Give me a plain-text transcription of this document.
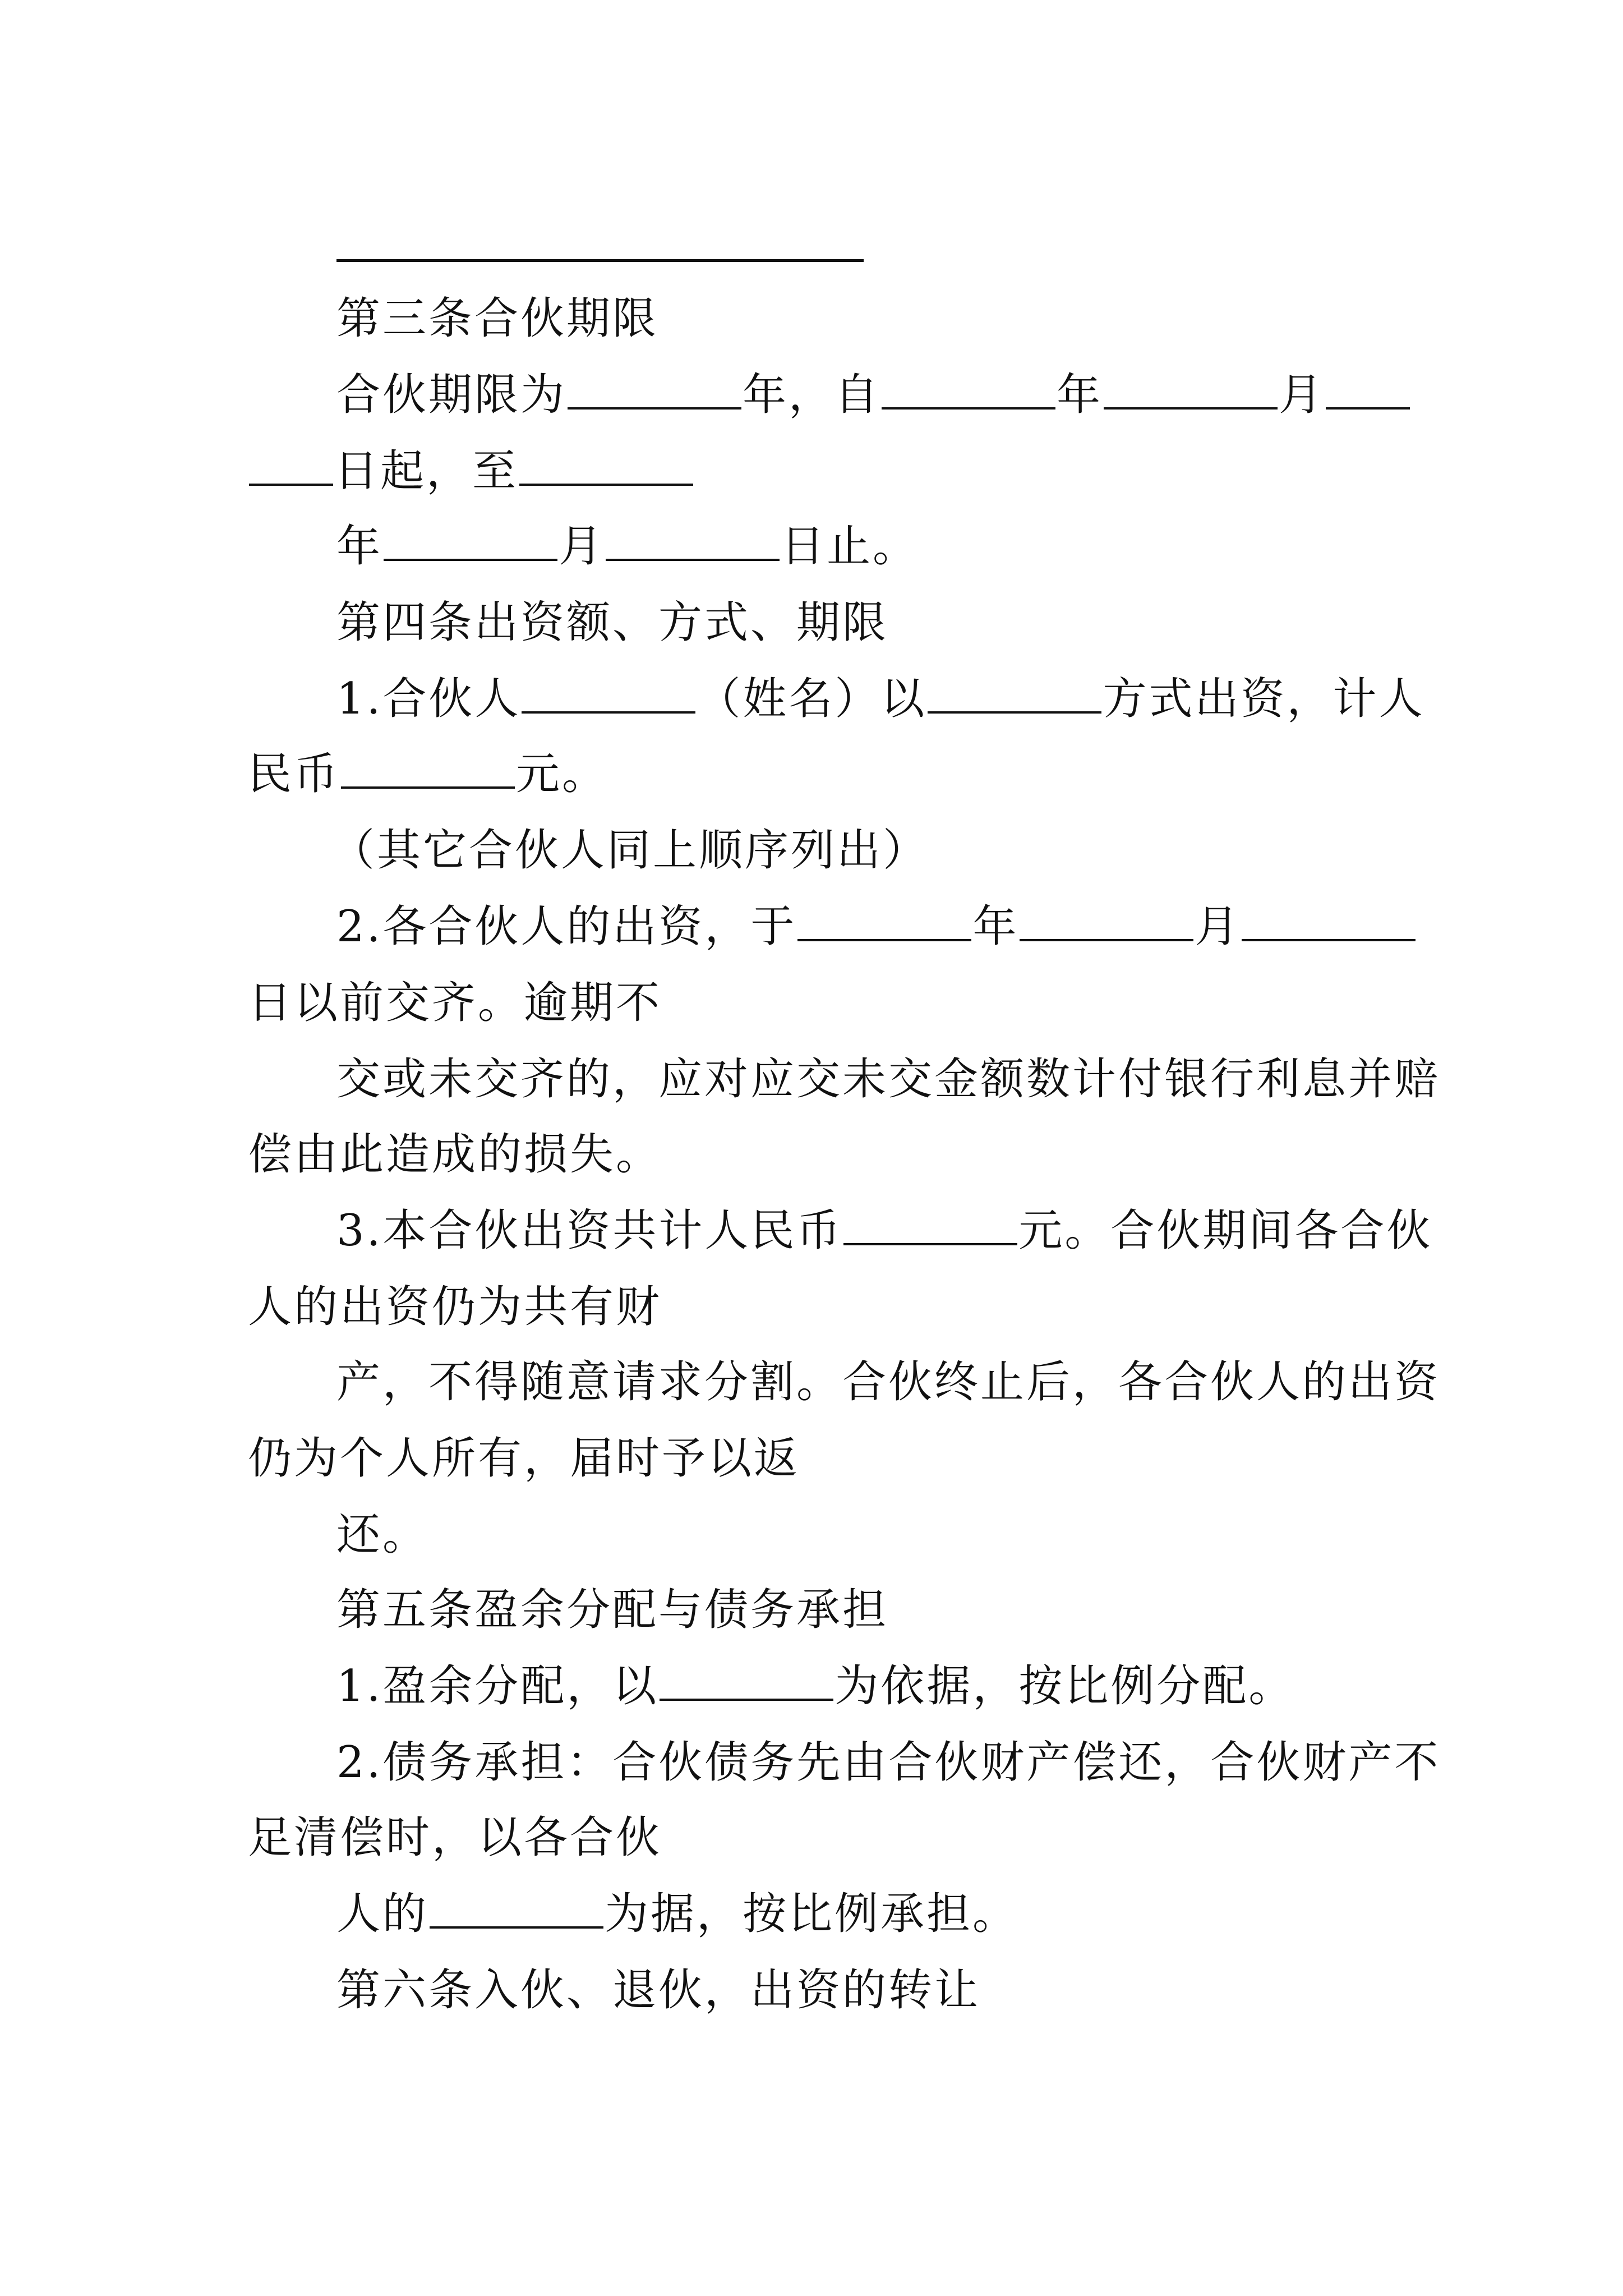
第三条合伙期限
合伙期限为	年，自	年	月
日起，至
年	月	日止。
第四条出资额、方式、期限
1.合伙人	（姓名）以	方式出资，计人
民币	元。
（其它合伙人同上顺序列出）
2.各合伙人的出资，于	年	月
日以前交齐。逾期不
交或未交齐的，应对应交未交金额数计付银行利息并赔
偿由此造成的损失。
3.本合伙出资共计人民币	元。合伙期间各合伙
人的出资仍为共有财
产，不得随意请求分割。合伙终止后，各合伙人的出资
仍为个人所有，届时予以返
还。
第五条盈余分配与债务承担
1.盈余分配，以	为依据，按比例分配。
2.债务承担：合伙债务先由合伙财产偿还，合伙财产不
足清偿时，以各合伙
人的	为据，按比例承担。
第六条入伙、退伙，出资的转让
